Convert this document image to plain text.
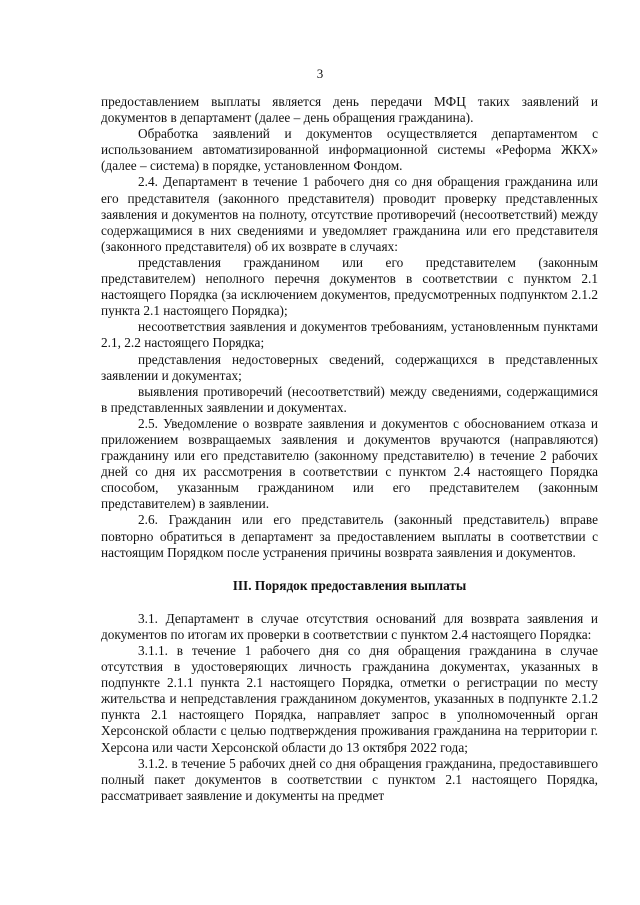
3

предоставлением выплаты является день передачи МФЦ таких заявлений и документов в департамент (далее – день обращения гражданина).

Обработка заявлений и документов осуществляется департаментом с использованием автоматизированной информационной системы «Реформа ЖКХ» (далее – система) в порядке, установленном Фондом.

2.4. Департамент в течение 1 рабочего дня со дня обращения гражданина или его представителя (законного представителя) проводит проверку представленных заявления и документов на полноту, отсутствие противоречий (несоответствий) между содержащимися в них сведениями и уведомляет гражданина или его представителя (законного представителя) об их возврате в случаях:

представления гражданином или его представителем (законным представителем) неполного перечня документов в соответствии с пунктом 2.1 настоящего Порядка (за исключением документов, предусмотренных подпунктом 2.1.2 пункта 2.1 настоящего Порядка);

несоответствия заявления и документов требованиям, установленным пунктами 2.1, 2.2 настоящего Порядка;

представления недостоверных сведений, содержащихся в представленных заявлении и документах;

выявления противоречий (несоответствий) между сведениями, содержащимися в представленных заявлении и документах.

2.5. Уведомление о возврате заявления и документов с обоснованием отказа и приложением возвращаемых заявления и документов вручаются (направляются) гражданину или его представителю (законному представителю) в течение 2 рабочих дней со дня их рассмотрения в соответствии с пунктом 2.4 настоящего Порядка способом, указанным гражданином или его представителем (законным представителем) в заявлении.

2.6. Гражданин или его представитель (законный представитель) вправе повторно обратиться в департамент за предоставлением выплаты в соответствии с настоящим Порядком после устранения причины возврата заявления и документов.

III. Порядок предоставления выплаты

3.1. Департамент в случае отсутствия оснований для возврата заявления и документов по итогам их проверки в соответствии с пунктом 2.4 настоящего Порядка:

3.1.1. в течение 1 рабочего дня со дня обращения гражданина в случае отсутствия в удостоверяющих личность гражданина документах, указанных в подпункте 2.1.1 пункта 2.1 настоящего Порядка, отметки о регистрации по месту жительства и непредставления гражданином документов, указанных в подпункте 2.1.2 пункта 2.1 настоящего Порядка, направляет запрос в уполномоченный орган Херсонской области с целью подтверждения проживания гражданина на территории г. Херсона или части Херсонской области до 13 октября 2022 года;

3.1.2. в течение 5 рабочих дней со дня обращения гражданина, предоставившего полный пакет документов в соответствии с пунктом 2.1 настоящего Порядка, рассматривает заявление и документы на предмет
